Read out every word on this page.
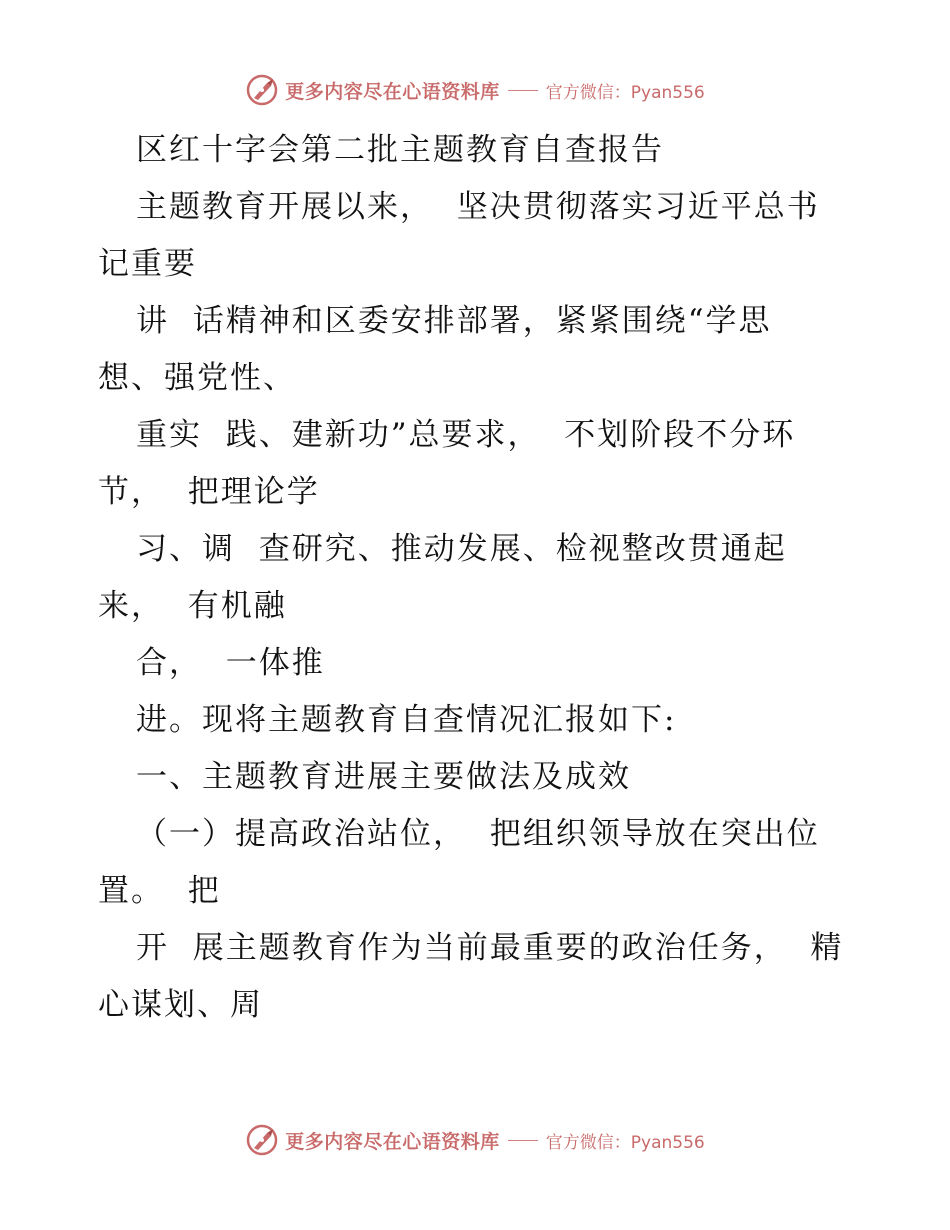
更多内容尽在心语资料库	官方微信：Pyan556
区红十字会第二批主题教育自查报告
主题教育开展以来，  坚决贯彻落实习近平总书
记重要
讲  话精神和区委安排部署，紧紧围绕“学思
想、强党性、
重实  践、建新功”总要求，  不划阶段不分环
节，  把理论学
习、调  查研究、推动发展、检视整改贯通起
来，  有机融
合，  一体推
进。现将主题教育自查情况汇报如下:
一、主题教育进展主要做法及成效
（一）提高政治站位，  把组织领导放在突出位
置。  把
开  展主题教育作为当前最重要的政治任务，  精
心谋划、周
更多内容尽在心语资料库	官方微信：Pyan556
